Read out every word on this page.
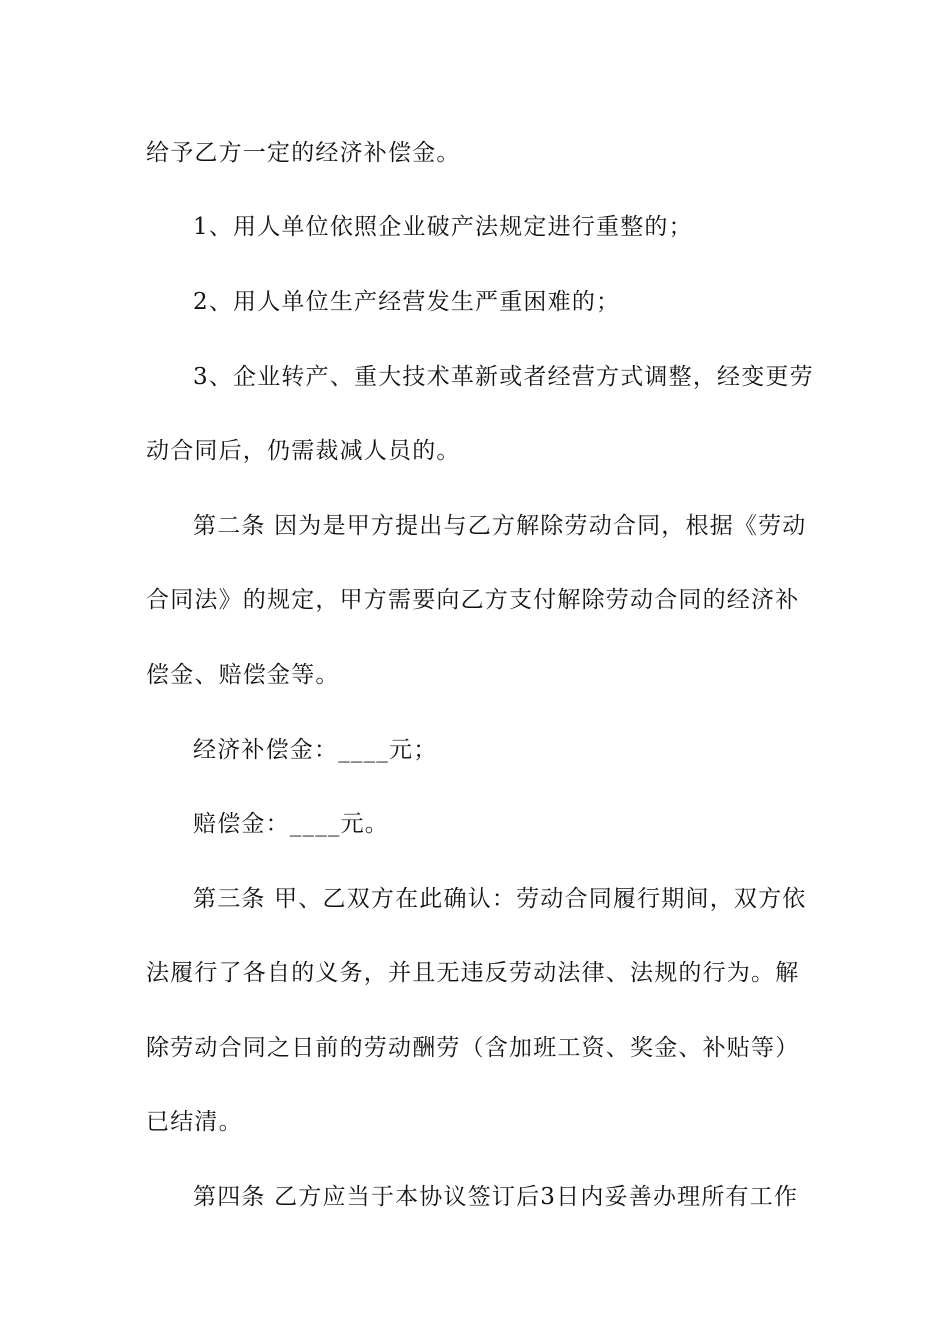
给予乙方一定的经济补偿金。
1、用人单位依照企业破产法规定进行重整的；
2、用人单位生产经营发生严重困难的；
3、企业转产、重大技术革新或者经营方式调整，经变更劳
动合同后，仍需裁减人员的。
第二条 因为是甲方提出与乙方解除劳动合同，根据《劳动
合同法》的规定，甲方需要向乙方支付解除劳动合同的经济补
偿金、赔偿金等。
经济补偿金：____元；
赔偿金：____元。
第三条 甲、乙双方在此确认：劳动合同履行期间，双方依
法履行了各自的义务，并且无违反劳动法律、法规的行为。解
除劳动合同之日前的劳动酬劳（含加班工资、奖金、补贴等）
已结清。
第四条 乙方应当于本协议签订后3日内妥善办理所有工作
